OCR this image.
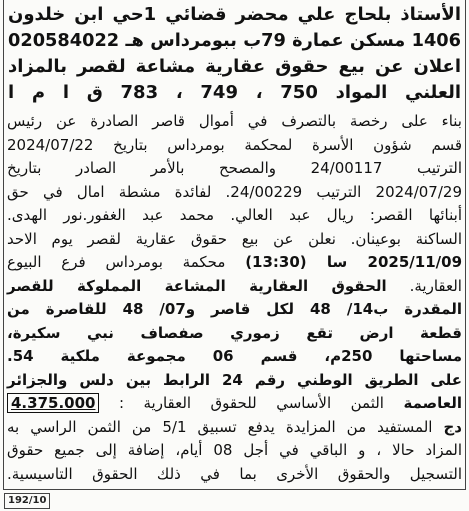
الأستاذ بلحاج علي محضر قضائي 1حي ابن خلدون
1406 مسكن عمارة 79ب ببومرداس هـ 020584022
اعلان عن بيع حقوق عقارية مشاعة لقصر بالمزاد
العلني المواد 750 ، 749 ، 783 ق ا م ا
بناء على رخصة بالتصرف في أموال قاصر الصادرة عن رئيس
قسم شؤون الأسرة لمحكمة بومرداس بتاريخ 2024/07/22
الترتيب 24/00117 والمصحح بالأمر الصادر بتاريخ
2024/07/29 الترتيب 24/00229. لفائدة مشطة امال في حق
أبنائها القصر: ريال عبد العالي. محمد عبد الغفور.نور الهدى.
الساكنة بوعينان. نعلن عن بيع حقوق عقارية لقصر يوم الاحد
2025/11/09 سا (13:30) محكمة بومرداس فرع البيوع
العقارية. الحقوق العقارية المشاعة المملوكة للقصر
المقدرة ب14/ 48 لكل قاصر و07/ 48 للقاصرة من
قطعة ارض تقع زموري صفصاف نبي سكيرة،
مساحتها 250م، قسم 06 مجموعة ملكية 54.
على الطريق الوطني رقم 24 الرابط بين دلس والجزائر
العاصمة الثمن الأساسي للحقوق العقارية : 4.375.000
دج المستفيد من المزايدة يدفع تسبيق 5/1 من الثمن الراسي به
المزاد حالا ، و الباقي في أجل 08 أيام، إضافة إلى جميع حقوق
التسجيل والحقوق الأخرى بما في ذلك الحقوق التاسيسية.
192/10
